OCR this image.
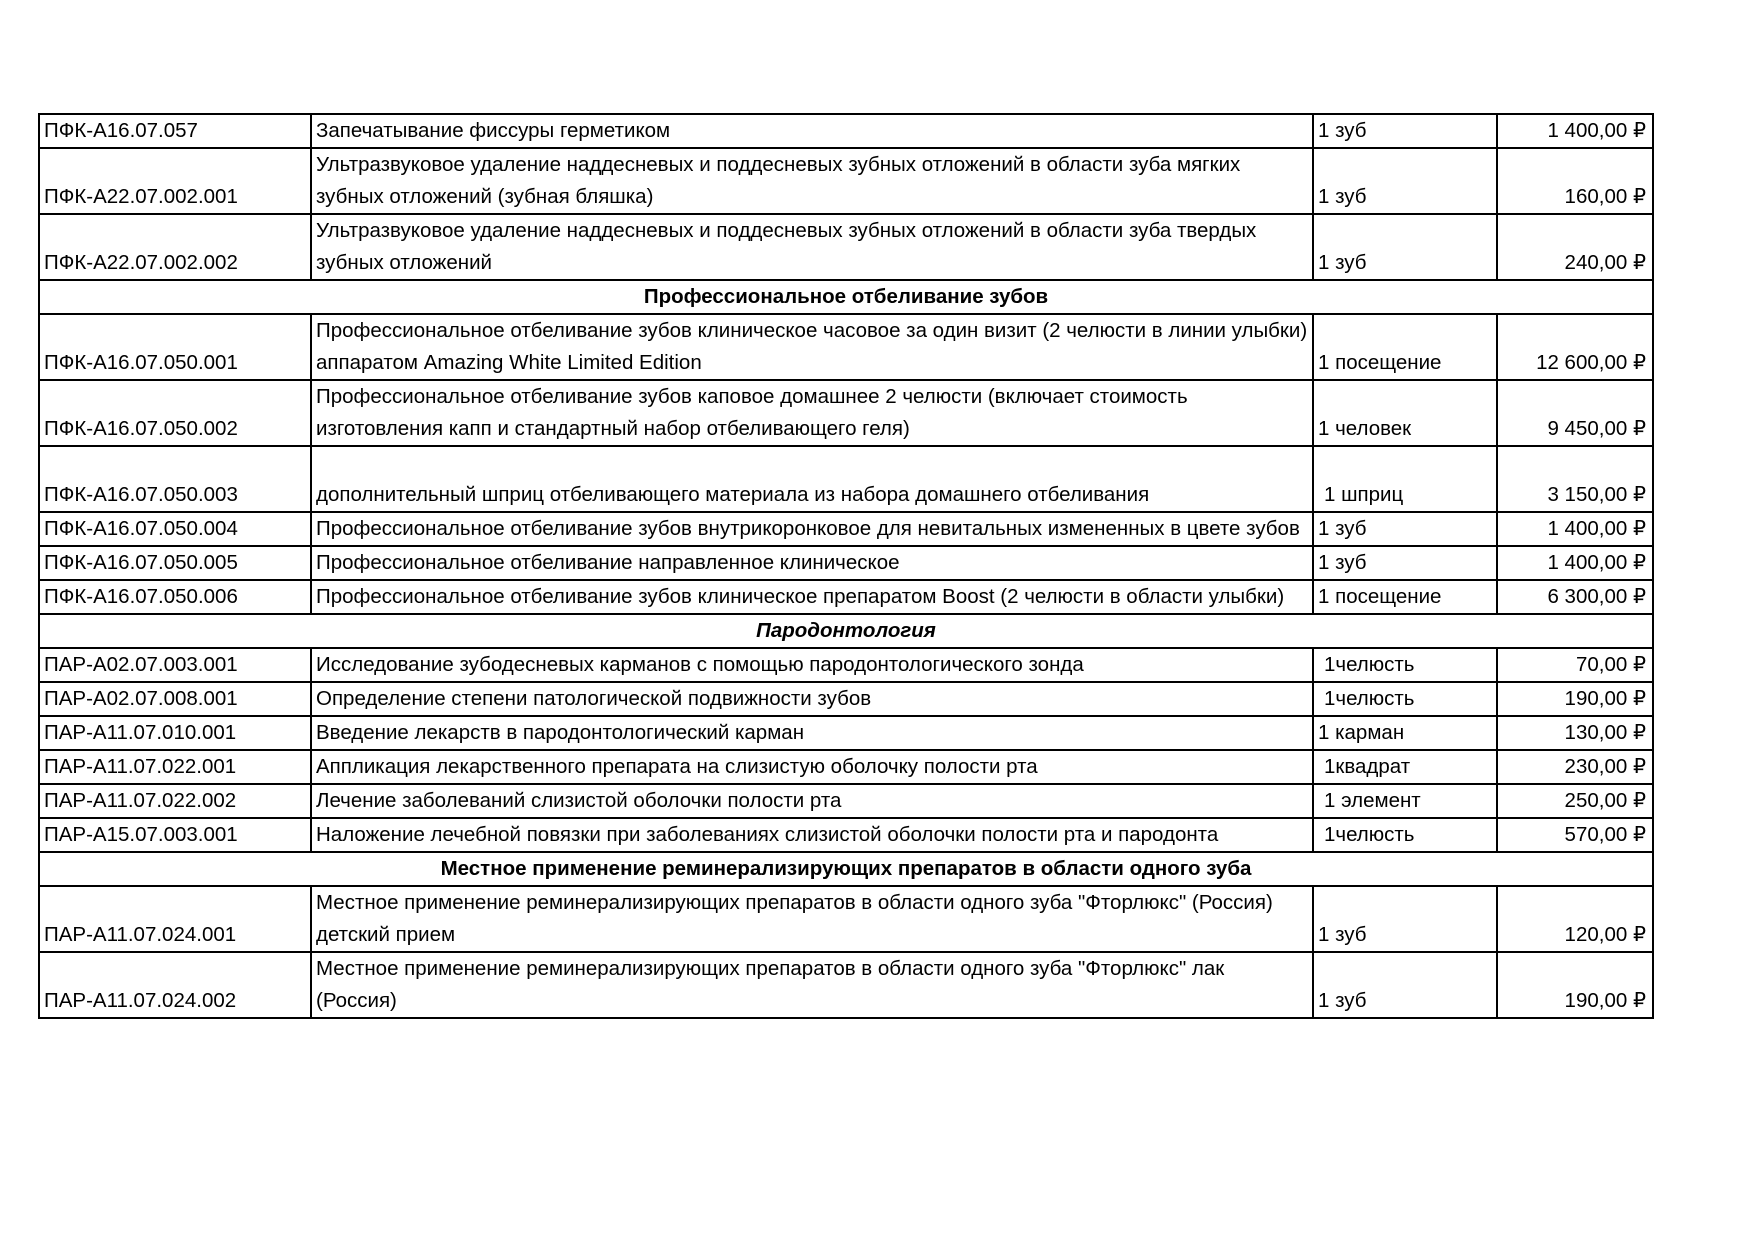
ПФК-А16.07.057	Запечатывание фиссуры герметиком	1 зуб	1 400,00 ₽
ПФК-А22.07.002.001	Ультразвуковое удаление наддесневых и поддесневых зубных отложений в области зуба мягких зубных отложений (зубная бляшка)	1 зуб	160,00 ₽
ПФК-А22.07.002.002	Ультразвуковое удаление наддесневых и поддесневых зубных отложений в области зуба твердых зубных отложений	1 зуб	240,00 ₽
Профессиональное отбеливание зубов			
ПФК-А16.07.050.001	Профессиональное отбеливание зубов клиническое часовое за один визит (2 челюсти в линии улыбки) аппаратом Amazing White Limited Edition	1 посещение	12 600,00 ₽
ПФК-А16.07.050.002	Профессиональное отбеливание зубов каповое домашнее 2 челюсти (включает стоимость изготовления капп и стандартный набор отбеливающего геля)	1 человек	9 450,00 ₽
ПФК-А16.07.050.003	дополнительный шприц отбеливающего материала из набора домашнего отбеливания	1 шприц	3 150,00 ₽
ПФК-А16.07.050.004	Профессиональное отбеливание зубов внутрикоронковое для невитальных измененных в цвете зубов	1 зуб	1 400,00 ₽
ПФК-А16.07.050.005	Профессиональное отбеливание направленное клиническое	1 зуб	1 400,00 ₽
ПФК-А16.07.050.006	Профессиональное отбеливание зубов клиническое препаратом Boost (2 челюсти в области улыбки)	1 посещение	6 300,00 ₽
Пародонтология			
ПАР-А02.07.003.001	Исследование зубодесневых карманов с помощью пародонтологического зонда	1челюсть	70,00 ₽
ПАР-А02.07.008.001	Определение степени патологической подвижности зубов	1челюсть	190,00 ₽
ПАР-А11.07.010.001	Введение лекарств в пародонтологический карман	1 карман	130,00 ₽
ПАР-А11.07.022.001	Аппликация лекарственного препарата на слизистую оболочку полости рта	1квадрат	230,00 ₽
ПАР-А11.07.022.002	Лечение заболеваний слизистой оболочки полости рта	1 элемент	250,00 ₽
ПАР-А15.07.003.001	Наложение лечебной повязки при заболеваниях слизистой оболочки полости рта и пародонта	1челюсть	570,00 ₽
Местное применение реминерализирующих препаратов в области одного зуба			
ПАР-А11.07.024.001	Местное применение реминерализирующих препаратов в области одного зуба "Фторлюкс" (Россия) детский прием	1 зуб	120,00 ₽
ПАР-А11.07.024.002	Местное применение реминерализирующих препаратов в области одного зуба "Фторлюкс" лак (Россия)	1 зуб	190,00 ₽
